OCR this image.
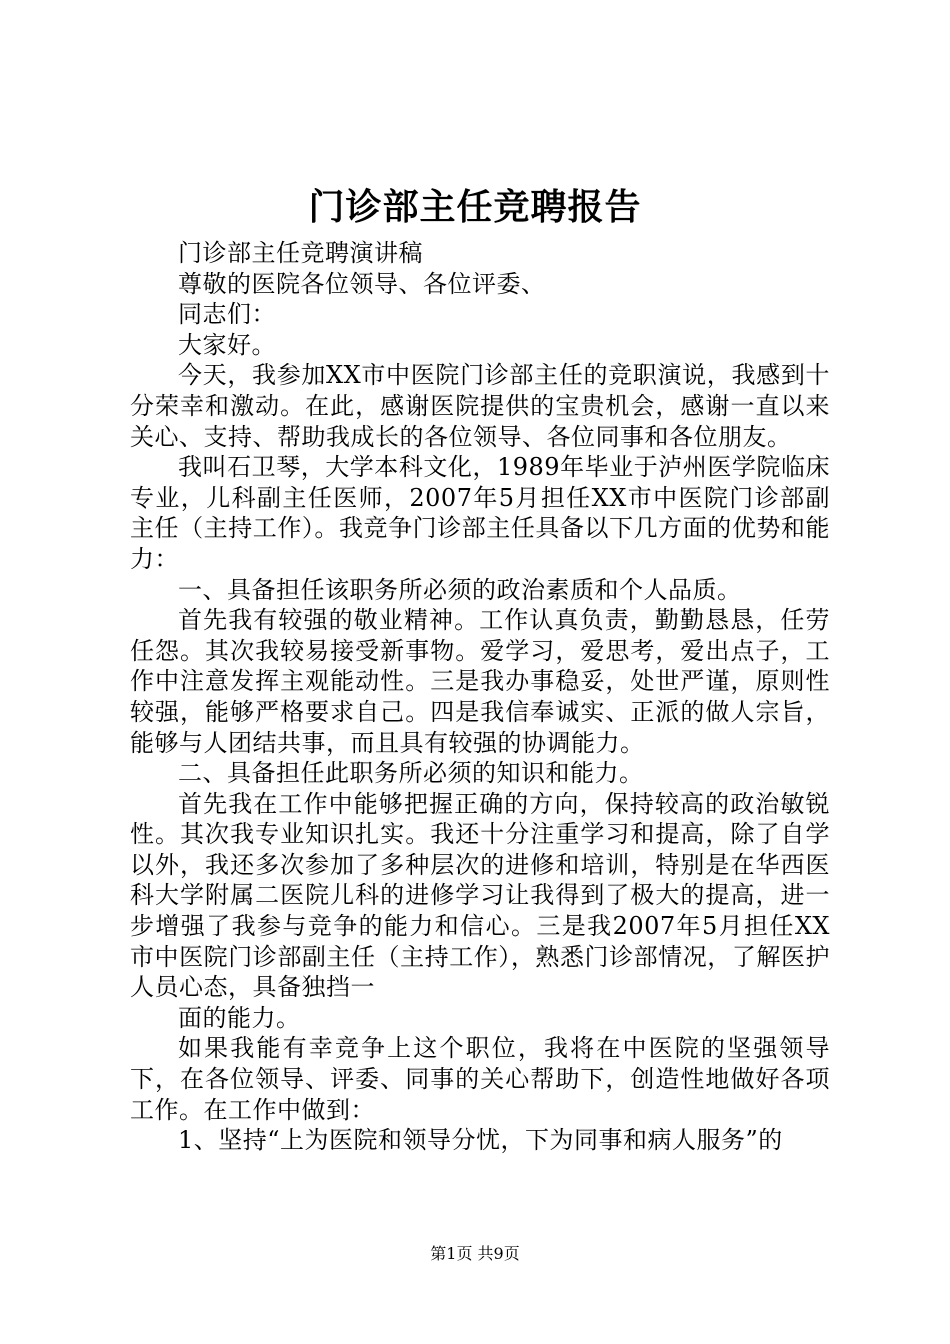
门诊部主任竞聘报告

门诊部主任竞聘演讲稿

尊敬的医院各位领导、各位评委、

同志们：

大家好。

今天，我参加XX市中医院门诊部主任的竞职演说，我感到十分荣幸和激动。在此，感谢医院提供的宝贵机会，感谢一直以来关心、支持、帮助我成长的各位领导、各位同事和各位朋友。

我叫石卫琴，大学本科文化，1989年毕业于泸州医学院临床专业，儿科副主任医师，2007年5月担任XX市中医院门诊部副主任（主持工作）。我竞争门诊部主任具备以下几方面的优势和能力：

一、具备担任该职务所必须的政治素质和个人品质。

首先我有较强的敬业精神。工作认真负责，勤勤恳恳，任劳任怨。其次我较易接受新事物。爱学习，爱思考，爱出点子，工作中注意发挥主观能动性。三是我办事稳妥，处世严谨，原则性较强，能够严格要求自己。四是我信奉诚实、正派的做人宗旨，能够与人团结共事，而且具有较强的协调能力。

二、具备担任此职务所必须的知识和能力。

首先我在工作中能够把握正确的方向，保持较高的政治敏锐性。其次我专业知识扎实。我还十分注重学习和提高，除了自学以外，我还多次参加了多种层次的进修和培训，特别是在华西医科大学附属二医院儿科的进修学习让我得到了极大的提高，进一步增强了我参与竞争的能力和信心。三是我2007年5月担任XX市中医院门诊部副主任（主持工作），熟悉门诊部情况，了解医护人员心态，具备独挡一

面的能力。

如果我能有幸竞争上这个职位，我将在中医院的坚强领导下，在各位领导、评委、同事的关心帮助下，创造性地做好各项工作。在工作中做到：

1、坚持“上为医院和领导分忧，下为同事和病人服务”的

第1页 共9页
